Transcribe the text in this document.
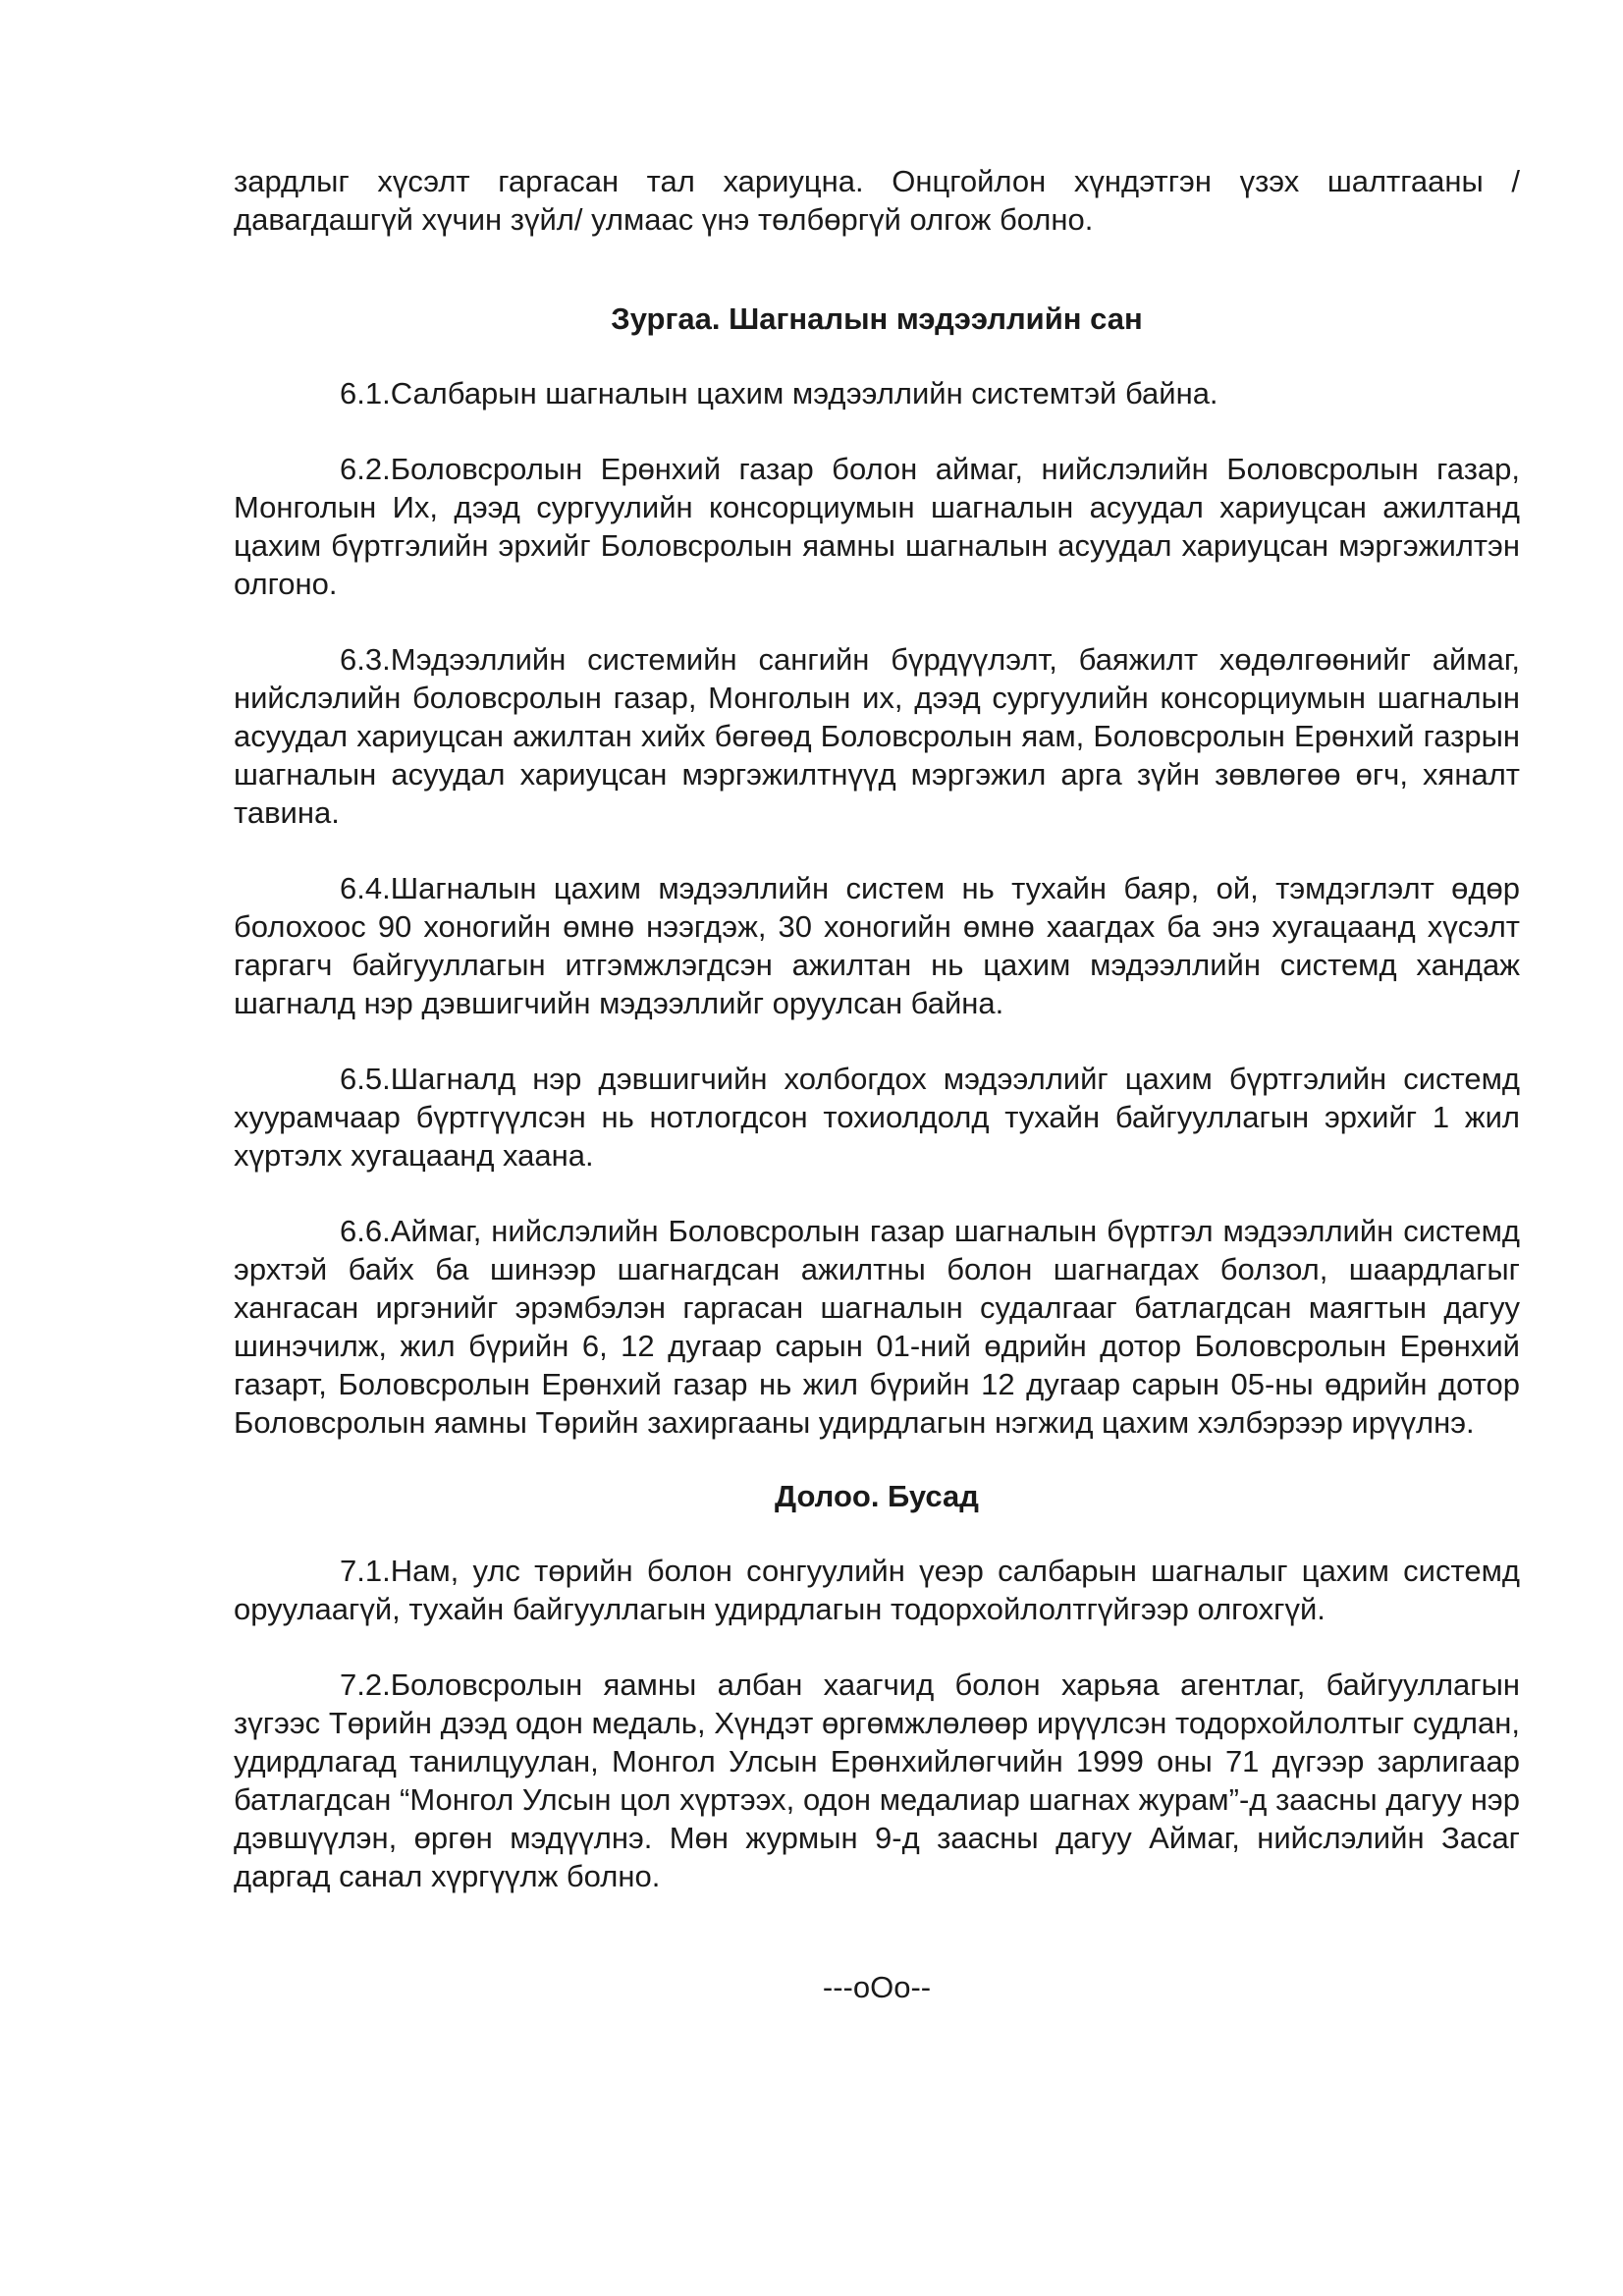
зардлыг хүсэлт гаргасан тал хариуцна. Онцгойлон хүндэтгэн үзэх шалтгааны /давагдашгүй хүчин зүйл/ улмаас үнэ төлбөргүй олгож болно.

Зургаа. Шагналын мэдээллийн сан

6.1.Салбарын шагналын цахим мэдээллийн системтэй байна.

6.2.Боловсролын Ерөнхий газар болон аймаг, нийслэлийн Боловсролын газар, Монголын Их, дээд сургуулийн консорциумын шагналын асуудал хариуцсан ажилтанд цахим бүртгэлийн эрхийг Боловсролын яамны шагналын асуудал хариуцсан мэргэжилтэн олгоно.

6.3.Мэдээллийн системийн сангийн бүрдүүлэлт, баяжилт хөдөлгөөнийг аймаг, нийслэлийн боловсролын газар, Монголын их, дээд сургуулийн консорциумын шагналын асуудал хариуцсан ажилтан хийх бөгөөд Боловсролын яам, Боловсролын Ерөнхий газрын шагналын асуудал хариуцсан мэргэжилтнүүд мэргэжил арга зүйн зөвлөгөө өгч, хяналт тавина.

6.4.Шагналын цахим мэдээллийн систем нь тухайн баяр, ой, тэмдэглэлт өдөр болохоос 90 хоногийн өмнө нээгдэж, 30 хоногийн өмнө хаагдах ба энэ хугацаанд хүсэлт гаргагч байгууллагын итгэмжлэгдсэн ажилтан нь цахим мэдээллийн системд хандаж шагналд нэр дэвшигчийн мэдээллийг оруулсан байна.

6.5.Шагналд нэр дэвшигчийн холбогдох мэдээллийг цахим бүртгэлийн системд хуурамчаар бүртгүүлсэн нь нотлогдсон тохиолдолд тухайн байгууллагын эрхийг 1 жил хүртэлх хугацаанд хаана.

6.6.Аймаг, нийслэлийн Боловсролын газар шагналын бүртгэл мэдээллийн системд эрхтэй байх ба шинээр шагнагдсан ажилтны болон шагнагдах болзол, шаардлагыг хангасан иргэнийг эрэмбэлэн гаргасан шагналын судалгааг батлагдсан маягтын дагуу шинэчилж, жил бүрийн 6, 12 дугаар сарын 01-ний өдрийн дотор Боловсролын Ерөнхий газарт, Боловсролын Ерөнхий газар нь жил бүрийн 12 дугаар сарын 05-ны өдрийн дотор Боловсролын яамны Төрийн захиргааны удирдлагын нэгжид цахим хэлбэрээр ирүүлнэ.

Долоо. Бусад

7.1.Нам, улс төрийн болон сонгуулийн үеэр салбарын шагналыг цахим системд оруулаагүй, тухайн байгууллагын удирдлагын тодорхойлолтгүйгээр олгохгүй.

7.2.Боловсролын яамны албан хаагчид болон харьяа агентлаг, байгууллагын зүгээс Төрийн дээд одон медаль, Хүндэт өргөмжлөлөөр ирүүлсэн тодорхойлолтыг судлан, удирдлагад танилцуулан, Монгол Улсын Ерөнхийлөгчийн 1999 оны 71 дүгээр зарлигаар батлагдсан “Монгол Улсын цол хүртээх, одон медалиар шагнах журам”-д заасны дагуу нэр дэвшүүлэн, өргөн мэдүүлнэ. Мөн журмын 9-д заасны дагуу Аймаг, нийслэлийн Засаг даргад санал хүргүүлж болно.

---oOo--
